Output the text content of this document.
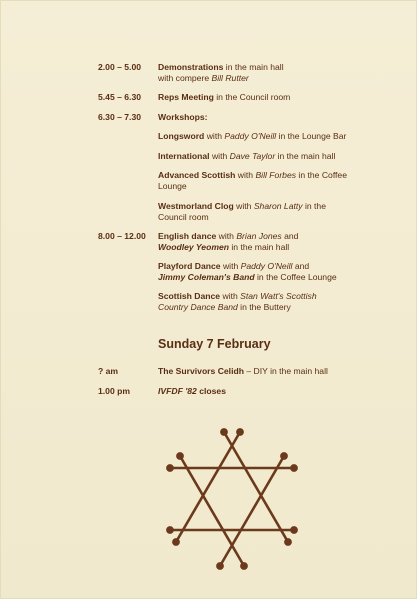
2.00 – 5.00	Demonstrations in the main hall
with compere Bill Rutter
5.45 – 6.30	Reps Meeting in the Council room
6.30 – 7.30	Workshops:
Longsword with Paddy O'Neill in the Lounge Bar
International with Dave Taylor in the main hall
Advanced Scottish with Bill Forbes in the Coffee
Lounge
Westmorland Clog with Sharon Latty in the
Council room
8.00 – 12.00	English dance with Brian Jones and
Woodley Yeomen in the main hall
Playford Dance with Paddy O'Neill and
Jimmy Coleman's Band in the Coffee Lounge
Scottish Dance with Stan Watt's Scottish
Country Dance Band in the Buttery
Sunday 7 February
? am	The Survivors Celidh – DIY in the main hall
1.00 pm	IVFDF '82 closes
